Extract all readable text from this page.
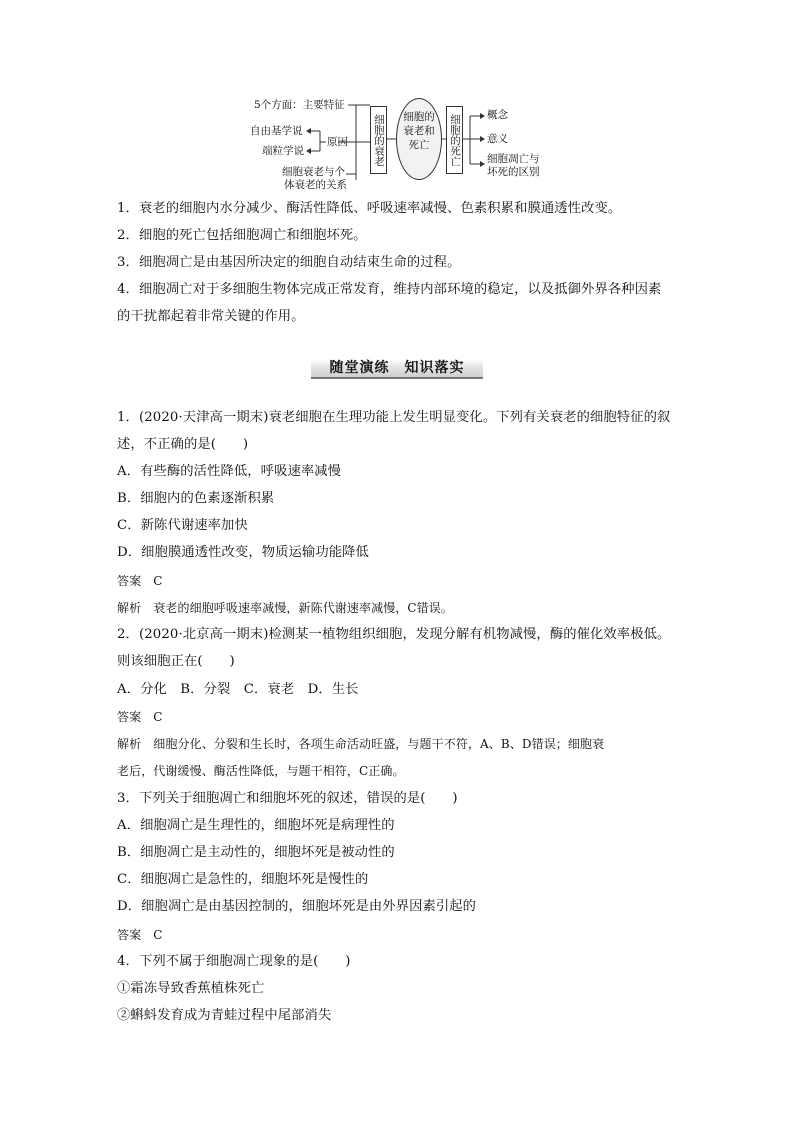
5个方面：主要特征
自由基学说
端粒学说
原因
细胞衰老与个
体衰老的关系
细胞的衰老	细胞的衰老和死亡	细胞的死亡 概念
意义
细胞凋亡与
坏死的区别
1．衰老的细胞内水分减少、酶活性降低、呼吸速率减慢、色素积累和膜通透性改变。
2．细胞的死亡包括细胞凋亡和细胞坏死。
3．细胞凋亡是由基因所决定的细胞自动结束生命的过程。
4．细胞凋亡对于多细胞生物体完成正常发育，维持内部环境的稳定，以及抵御外界各种因素
的干扰都起着非常关键的作用。
随堂演练　知识落实
1．(2020·天津高一期末)衰老细胞在生理功能上发生明显变化。下列有关衰老的细胞特征的叙
述，不正确的是(　　)
A．有些酶的活性降低，呼吸速率减慢
B．细胞内的色素逐渐积累
C．新陈代谢速率加快
D．细胞膜通透性改变，物质运输功能降低
答案　C
解析　衰老的细胞呼吸速率减慢，新陈代谢速率减慢，C错误。
2．(2020·北京高一期末)检测某一植物组织细胞，发现分解有机物减慢，酶的催化效率极低。
则该细胞正在(　　)
A．分化　B．分裂　C．衰老　D．生长
答案　C
解析　细胞分化、分裂和生长时，各项生命活动旺盛，与题干不符，A、B、D错误；细胞衰
老后，代谢缓慢、酶活性降低，与题干相符，C正确。
3．下列关于细胞凋亡和细胞坏死的叙述，错误的是(　　)
A．细胞凋亡是生理性的，细胞坏死是病理性的
B．细胞凋亡是主动性的，细胞坏死是被动性的
C．细胞凋亡是急性的，细胞坏死是慢性的
D．细胞凋亡是由基因控制的，细胞坏死是由外界因素引起的
答案　C
4．下列不属于细胞凋亡现象的是(　　)
①霜冻导致香蕉植株死亡
②蝌蚪发育成为青蛙过程中尾部消失
